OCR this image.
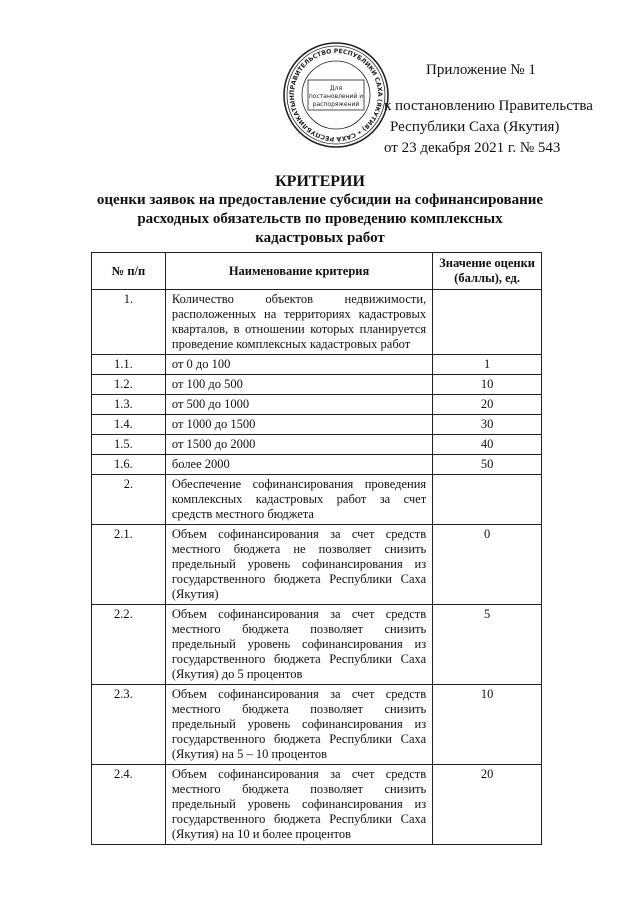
ПРАВИТЕЛЬСТВО РЕСПУБЛИКИ САХА (ЯКУТИЯ) • САХА РЕСПУБЛИКАТЫН
Для
постановлений и
распоряжений
Приложение № 1
к постановлению Правительства
Республики Саха (Якутия)
от 23 декабря 2021 г. № 543
КРИТЕРИИ
оценки заявок на предоставление субсидии на софинансирование расходных обязательств по проведению комплексных кадастровых работ
№ п/п	Наименование критерия	Значение оценки (баллы), ед.
1.	Количество объектов недвижимости, расположенных на территориях кадастровых кварталов, в отношении которых планируется проведение комплексных кадастровых работ	
1.1.	от 0 до 100	1
1.2.	от 100 до 500	10
1.3.	от 500 до 1000	20
1.4.	от 1000 до 1500	30
1.5.	от 1500 до 2000	40
1.6.	более 2000	50
2.	Обеспечение софинансирования проведения комплексных кадастровых работ за счет средств местного бюджета	
2.1.	Объем софинансирования за счет средств местного бюджета не позволяет снизить предельный уровень софинансирования из государственного бюджета Республики Саха (Якутия)	0
2.2.	Объем софинансирования за счет средств местного бюджета позволяет снизить предельный уровень софинансирования из государственного бюджета Республики Саха (Якутия) до 5 процентов	5
2.3.	Объем софинансирования за счет средств местного бюджета позволяет снизить предельный уровень софинансирования из государственного бюджета Республики Саха (Якутия) на 5 – 10 процентов	10
2.4.	Объем софинансирования за счет средств местного бюджета позволяет снизить предельный уровень софинансирования из государственного бюджета Республики Саха (Якутия) на 10 и более процентов	20
